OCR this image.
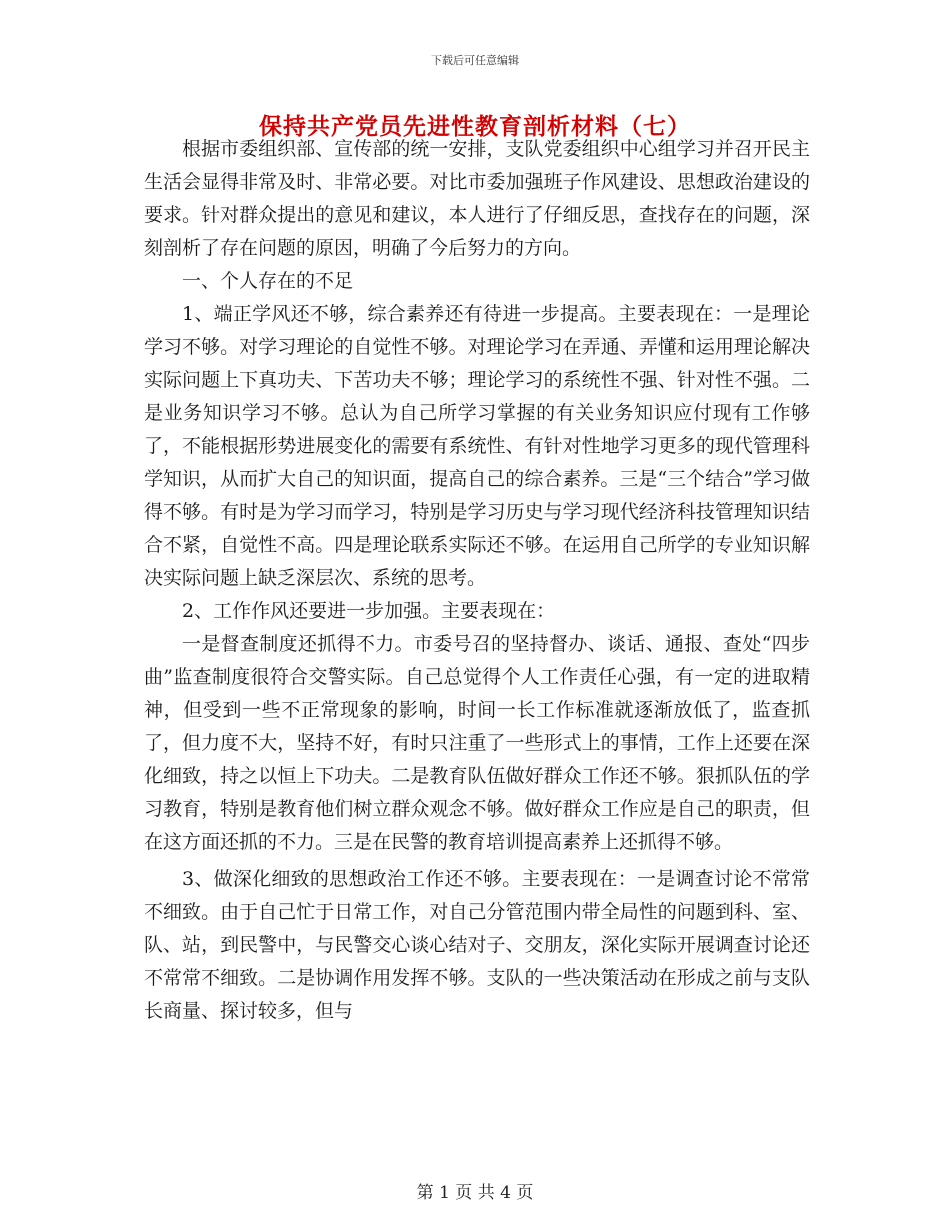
下载后可任意编辑
保持共产党员先进性教育剖析材料（七）

根据市委组织部、宣传部的统一安排，支队党委组织中心组学习并召开民主生活会显得非常及时、非常必要。对比市委加强班子作风建设、思想政治建设的要求。针对群众提出的意见和建议，本人进行了仔细反思，查找存在的问题，深刻剖析了存在问题的原因，明确了今后努力的方向。

一、个人存在的不足

1、端正学风还不够，综合素养还有待进一步提高。主要表现在：一是理论学习不够。对学习理论的自觉性不够。对理论学习在弄通、弄懂和运用理论解决实际问题上下真功夫、下苦功夫不够；理论学习的系统性不强、针对性不强。二是业务知识学习不够。总认为自己所学习掌握的有关业务知识应付现有工作够了，不能根据形势进展变化的需要有系统性、有针对性地学习更多的现代管理科学知识，从而扩大自己的知识面，提高自己的综合素养。三是“三个结合”学习做得不够。有时是为学习而学习，特别是学习历史与学习现代经济科技管理知识结合不紧，自觉性不高。四是理论联系实际还不够。在运用自己所学的专业知识解决实际问题上缺乏深层次、系统的思考。

2、工作作风还要进一步加强。主要表现在：

一是督查制度还抓得不力。市委号召的坚持督办、谈话、通报、查处“四步曲”监查制度很符合交警实际。自己总觉得个人工作责任心强，有一定的进取精神，但受到一些不正常现象的影响，时间一长工作标准就逐渐放低了，监查抓了，但力度不大，坚持不好，有时只注重了一些形式上的事情，工作上还要在深化细致，持之以恒上下功夫。二是教育队伍做好群众工作还不够。狠抓队伍的学习教育，特别是教育他们树立群众观念不够。做好群众工作应是自己的职责，但在这方面还抓的不力。三是在民警的教育培训提高素养上还抓得不够。

3、做深化细致的思想政治工作还不够。主要表现在：一是调查讨论不常常不细致。由于自己忙于日常工作，对自己分管范围内带全局性的问题到科、室、队、站，到民警中，与民警交心谈心结对子、交朋友，深化实际开展调查讨论还不常常不细致。二是协调作用发挥不够。支队的一些决策活动在形成之前与支队长商量、探讨较多，但与

第 1 页 共 4 页
